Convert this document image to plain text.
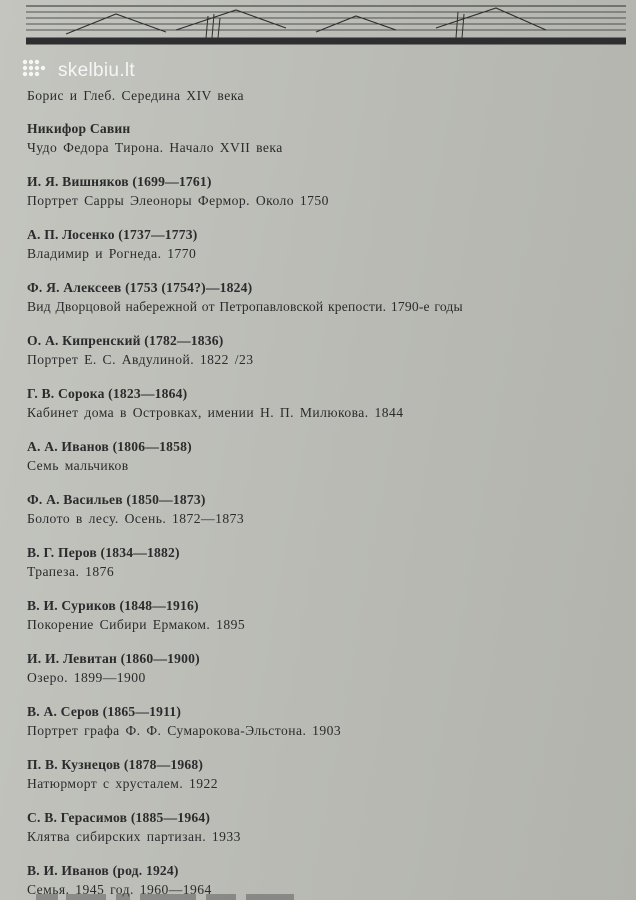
skelbiu.lt
Борис и Глеб. Середина XIV века
Никифор Савин
Чудо Федора Тирона. Начало XVII века
И. Я. Вишняков (1699—1761)
Портрет Сарры Элеоноры Фермор. Около 1750
А. П. Лосенко (1737—1773)
Владимир и Рогнеда. 1770
Ф. Я. Алексеев (1753 (1754?)—1824)
Вид Дворцовой набережной от Петропавловской крепости. 1790-е годы
О. А. Кипренский (1782—1836)
Портрет Е. С. Авдулиной. 1822 /23
Г. В. Сорока (1823—1864)
Кабинет дома в Островках, имении Н. П. Милюкова. 1844
А. А. Иванов (1806—1858)
Семь мальчиков
Ф. А. Васильев (1850—1873)
Болото в лесу. Осень. 1872—1873
В. Г. Перов (1834—1882)
Трапеза. 1876
В. И. Суриков (1848—1916)
Покорение Сибири Ермаком. 1895
И. И. Левитан (1860—1900)
Озеро. 1899—1900
В. А. Серов (1865—1911)
Портрет графа Ф. Ф. Сумарокова-Эльстона. 1903
П. В. Кузнецов (1878—1968)
Натюрморт с хрусталем. 1922
С. В. Герасимов (1885—1964)
Клятва сибирских партизан. 1933
В. И. Иванов (род. 1924)
Семья. 1945 год. 1960—1964
